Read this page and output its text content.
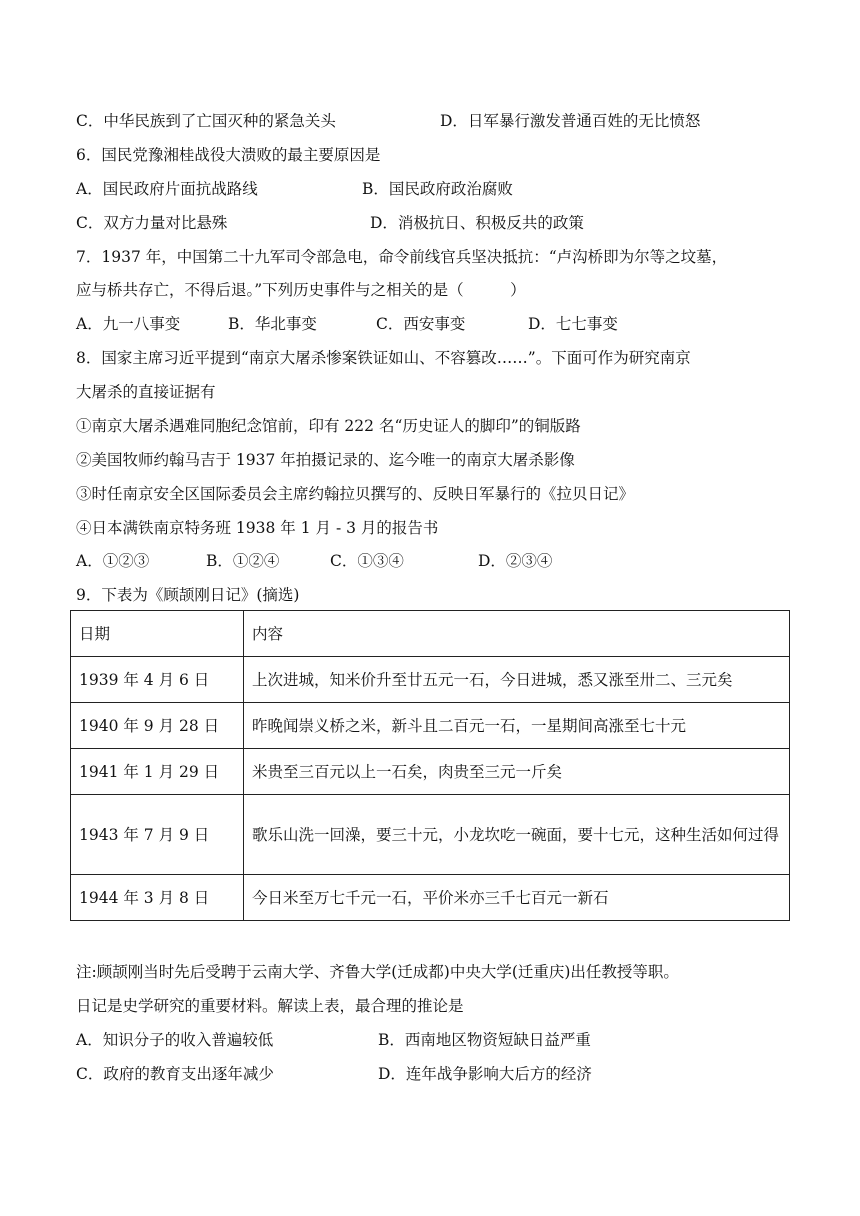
C．中华民族到了亡国灭种的紧急关头	D．日军暴行激发普通百姓的无比愤怒
6．国民党豫湘桂战役大溃败的最主要原因是
A．国民政府片面抗战路线	B．国民政府政治腐败
C．双方力量对比悬殊	D．消极抗日、积极反共的政策
7．1937 年，中国第二十九军司令部急电，命令前线官兵坚决抵抗：“卢沟桥即为尔等之坟墓，
应与桥共存亡，不得后退。”下列历史事件与之相关的是（　　　）
A．九一八事变	B．华北事变	C．西安事变	D．七七事变
8．国家主席习近平提到“南京大屠杀惨案铁证如山、不容篡改……”。下面可作为研究南京
大屠杀的直接证据有
①南京大屠杀遇难同胞纪念馆前，印有 222 名“历史证人的脚印”的铜版路
②美国牧师约翰马吉于 1937 年拍摄记录的、迄今唯一的南京大屠杀影像
③时任南京安全区国际委员会主席约翰拉贝撰写的、反映日军暴行的《拉贝日记》
④日本满铁南京特务班 1938 年 1 月 - 3 月的报告书
A．①②③	B．①②④	C．①③④	D．②③④
9．下表为《顾颉刚日记》(摘选)
日期	内容
1939 年 4 月 6 日	上次进城，知米价升至廿五元一石，今日进城，悉又涨至卅二、三元矣
1940 年 9 月 28 日	昨晚闻崇义桥之米，新斗且二百元一石，一星期间高涨至七十元
1941 年 1 月 29 日	米贵至三百元以上一石矣，肉贵至三元一斤矣
1943 年 7 月 9 日	歌乐山洗一回澡，要三十元，小龙坎吃一碗面，要十七元，这种生活如何过得
1944 年 3 月 8 日	今日米至万七千元一石，平价米亦三千七百元一新石
注:顾颉刚当时先后受聘于云南大学、齐鲁大学(迁成都)中央大学(迁重庆)出任教授等职。
日记是史学研究的重要材料。解读上表，最合理的推论是
A．知识分子的收入普遍较低	B．西南地区物资短缺日益严重
C．政府的教育支出逐年减少	D．连年战争影响大后方的经济
